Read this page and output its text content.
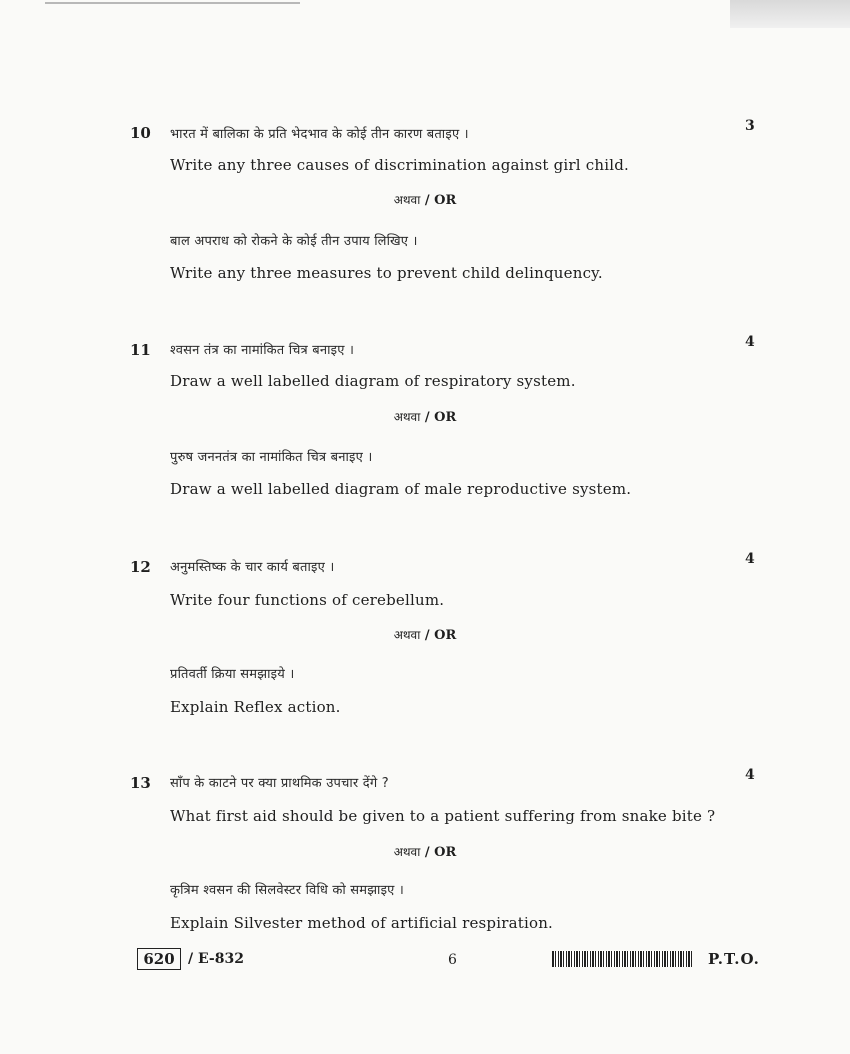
10	3
भारत में बालिका के प्रति भेदभाव के कोई तीन कारण बताइए ।
Write any three causes of discrimination against girl child.
अथवा / OR
बाल अपराध को रोकने के कोई तीन उपाय लिखिए ।
Write any three measures to prevent child delinquency.
11	4
श्वसन तंत्र का नामांकित चित्र बनाइए ।
Draw a well labelled diagram of respiratory system.
अथवा / OR
पुरुष जननतंत्र का नामांकित चित्र बनाइए ।
Draw a well labelled diagram of male reproductive system.
12	4
अनुमस्तिष्क के चार कार्य बताइए ।
Write four functions of cerebellum.
अथवा / OR
प्रतिवर्ती क्रिया समझाइये ।
Explain Reflex action.
13	4
साँप के काटने पर क्या प्राथमिक उपचार देंगे ?
What first aid should be given to a patient suffering from snake bite ?
अथवा / OR
कृत्रिम श्वसन की सिलवेस्टर विधि को समझाइए ।
Explain Silvester method of artificial respiration.
620 / E-832	6	P.T.O.
